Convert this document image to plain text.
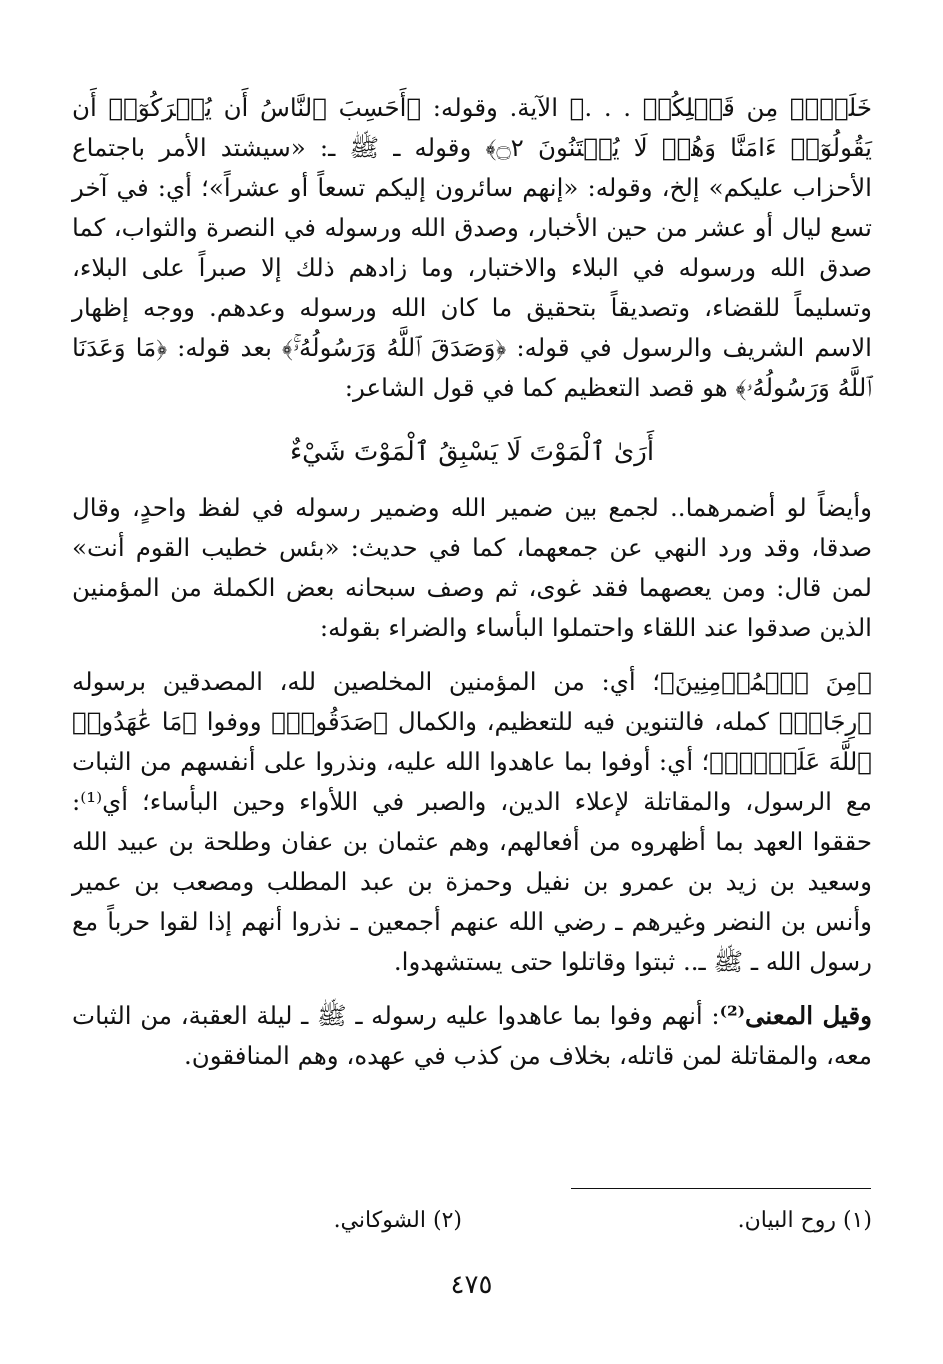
خَلَوۡا۟ مِن قَبۡلِكُمۖ . . .﴾ الآية. وقوله: ﴿أَحَسِبَ ٱلنَّاسُ أَن يُتۡرَكُوٓا۟ أَن يَقُولُوٓا۟ ءَامَنَّا وَهُمۡ لَا يُفۡتَنُونَ ۝٢﴾ وقوله ـ ﷺ ـ: «سيشتد الأمر باجتماع الأحزاب عليكم» إلخ، وقوله: «إنهم سائرون إليكم تسعاً أو عشراً»؛ أي: في آخر تسع ليال أو عشر من حين الأخبار، وصدق الله ورسوله في النصرة والثواب، كما صدق الله ورسوله في البلاء والاختبار، وما زادهم ذلك إلا صبراً على البلاء، وتسليماً للقضاء، وتصديقاً بتحقيق ما كان الله ورسوله وعدهم. ووجه إظهار الاسم الشريف والرسول في قوله: ﴿وَصَدَقَ ٱللَّهُ وَرَسُولُهُۥۚ﴾ بعد قوله: ﴿مَا وَعَدَنَا ٱللَّهُ وَرَسُولُهُۥ﴾ هو قصد التعظيم كما في قول الشاعر:

أَرَىٰ ٱلْمَوْتَ لَا يَسْبِقُ ٱلْمَوْتَ شَيْءٌ

وأيضاً لو أضمرهما.. لجمع بين ضمير الله وضمير رسوله في لفظ واحدٍ، وقال صدقا، وقد ورد النهي عن جمعهما، كما في حديث: «بئس خطيب القوم أنت» لمن قال: ومن يعصهما فقد غوى، ثم وصف سبحانه بعض الكملة من المؤمنين الذين صدقوا عند اللقاء واحتملوا البأساء والضراء بقوله:

﴿مِنَ ٱلۡمُؤۡمِنِينَ﴾؛ أي: من المؤمنين المخلصين لله، المصدقين برسوله ﴿رِجَالٞ﴾ كمله، فالتنوين فيه للتعظيم، والكمال ﴿صَدَقُوا۟﴾ ووفوا ﴿مَا عَٰهَدُوا۟ ٱللَّهَ عَلَيۡهِۖ﴾؛ أي: أوفوا بما عاهدوا الله عليه، ونذروا على أنفسهم من الثبات مع الرسول، والمقاتلة لإعلاء الدين، والصبر في اللأواء وحين البأساء؛ أي⁽¹⁾: حققوا العهد بما أظهروه من أفعالهم، وهم عثمان بن عفان وطلحة بن عبيد الله وسعيد بن زيد بن عمرو بن نفيل وحمزة بن عبد المطلب ومصعب بن عمير وأنس بن النضر وغيرهم ـ رضي الله عنهم أجمعين ـ نذروا أنهم إذا لقوا حرباً مع رسول الله ـ ﷺ ـ.. ثبتوا وقاتلوا حتى يستشهدوا.

وقيل المعنى⁽²⁾: أنهم وفوا بما عاهدوا عليه رسوله ـ ﷺ ـ ليلة العقبة، من الثبات معه، والمقاتلة لمن قاتله، بخلاف من كذب في عهده، وهم المنافقون.

(١) روح البيان.
(٢) الشوكاني.
٤٧٥
